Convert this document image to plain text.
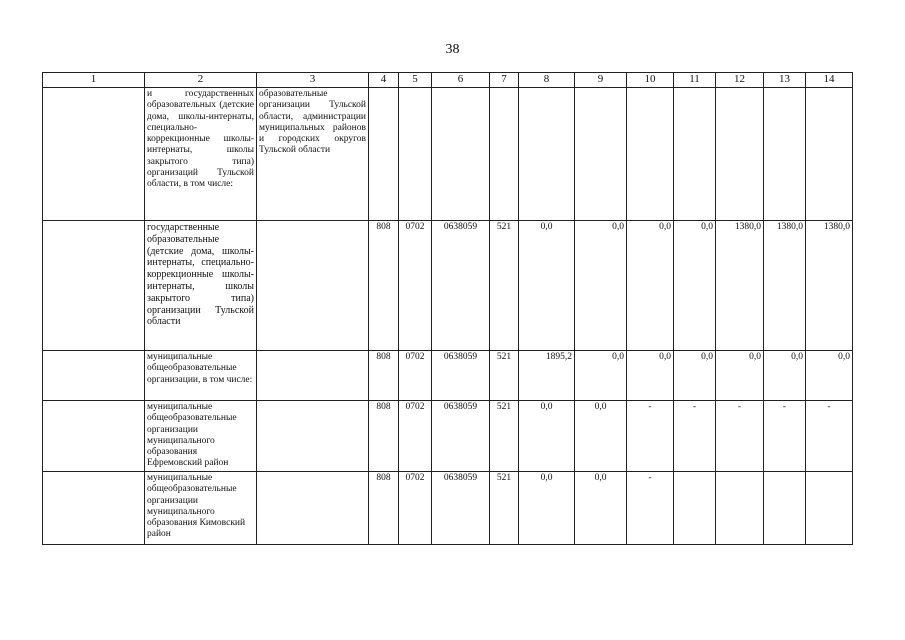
38
1	2	3	4	5	6	7	8	9	10	11	12	13	14
	и государственных образовательных (детские дома, школы-интернаты, специально-коррекционные школы-интернаты, школы закрытого типа) организаций Тульской области, в том числе:	образовательные организации Тульской области, администрации муниципальных районов и городских округов Тульской области											
	государственные образовательные (детские дома, школы-интернаты, специально-коррекционные школы-интернаты, школы закрытого типа) организации Тульской области		808	0702	0638059	521	0,0	0,0	0,0	0,0	1380,0	1380,0	1380,0
	муниципальные общеобразовательные организации, в том числе:		808	0702	0638059	521	1895,2	0,0	0,0	0,0	0,0	0,0	0,0
	муниципальные общеобразовательные организации муниципального образования Ефремовский район		808	0702	0638059	521	0,0	0,0	-	-	-	-	-
	муниципальные общеобразовательные организации муниципального образования Кимовский район		808	0702	0638059	521	0,0	0,0	-				
